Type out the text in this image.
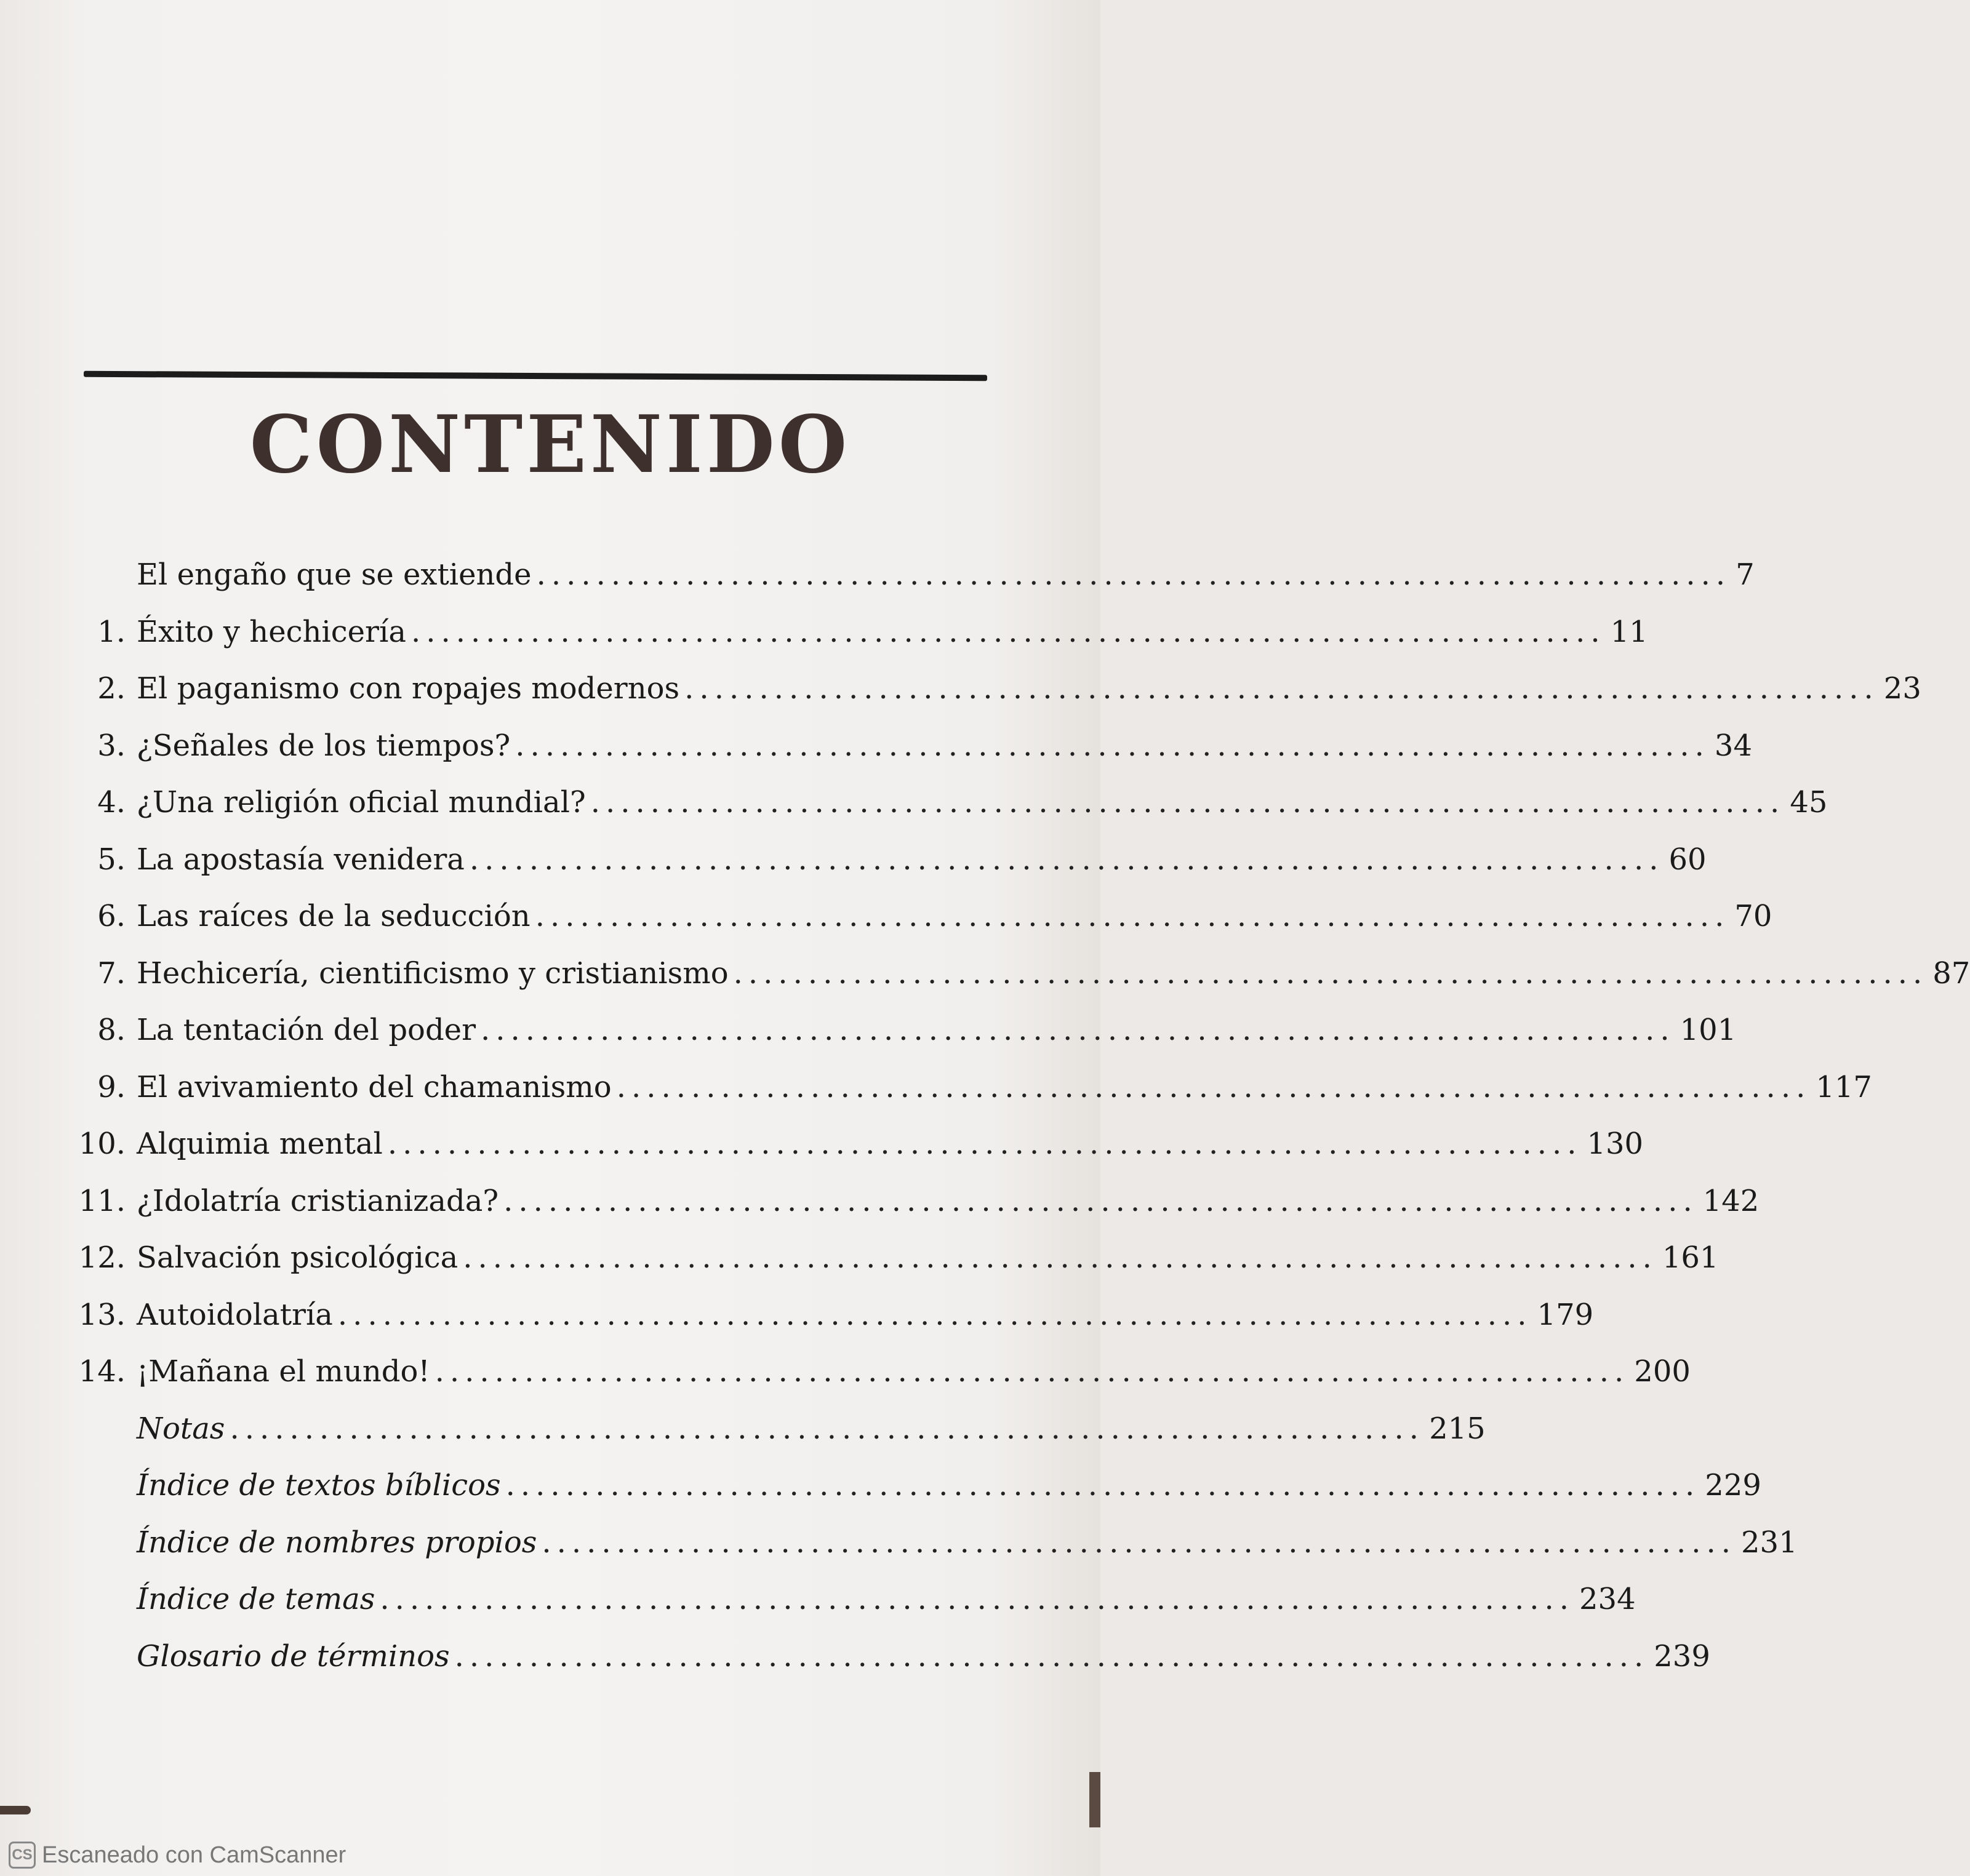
CONTENIDO
El engaño que se extiende ................................................................................ 7
1. Éxito y hechicería ................................................................................ 11
2. El paganismo con ropajes modernos ................................................................................ 23
3. ¿Señales de los tiempos? ................................................................................ 34
4. ¿Una religión oficial mundial? ................................................................................ 45
5. La apostasía venidera ................................................................................ 60
6. Las raíces de la seducción ................................................................................ 70
7. Hechicería, cientificismo y cristianismo ................................................................................ 87
8. La tentación del poder ................................................................................ 101
9. El avivamiento del chamanismo ................................................................................ 117
10. Alquimia mental ................................................................................ 130
11. ¿Idolatría cristianizada? ................................................................................ 142
12. Salvación psicológica ................................................................................ 161
13. Autoidolatría ................................................................................ 179
14. ¡Mañana el mundo! ................................................................................ 200
Notas ................................................................................ 215
Índice de textos bíblicos ................................................................................ 229
Índice de nombres propios ................................................................................ 231
Índice de temas ................................................................................ 234
Glosario de términos ................................................................................ 239
CS Escaneado con CamScanner
